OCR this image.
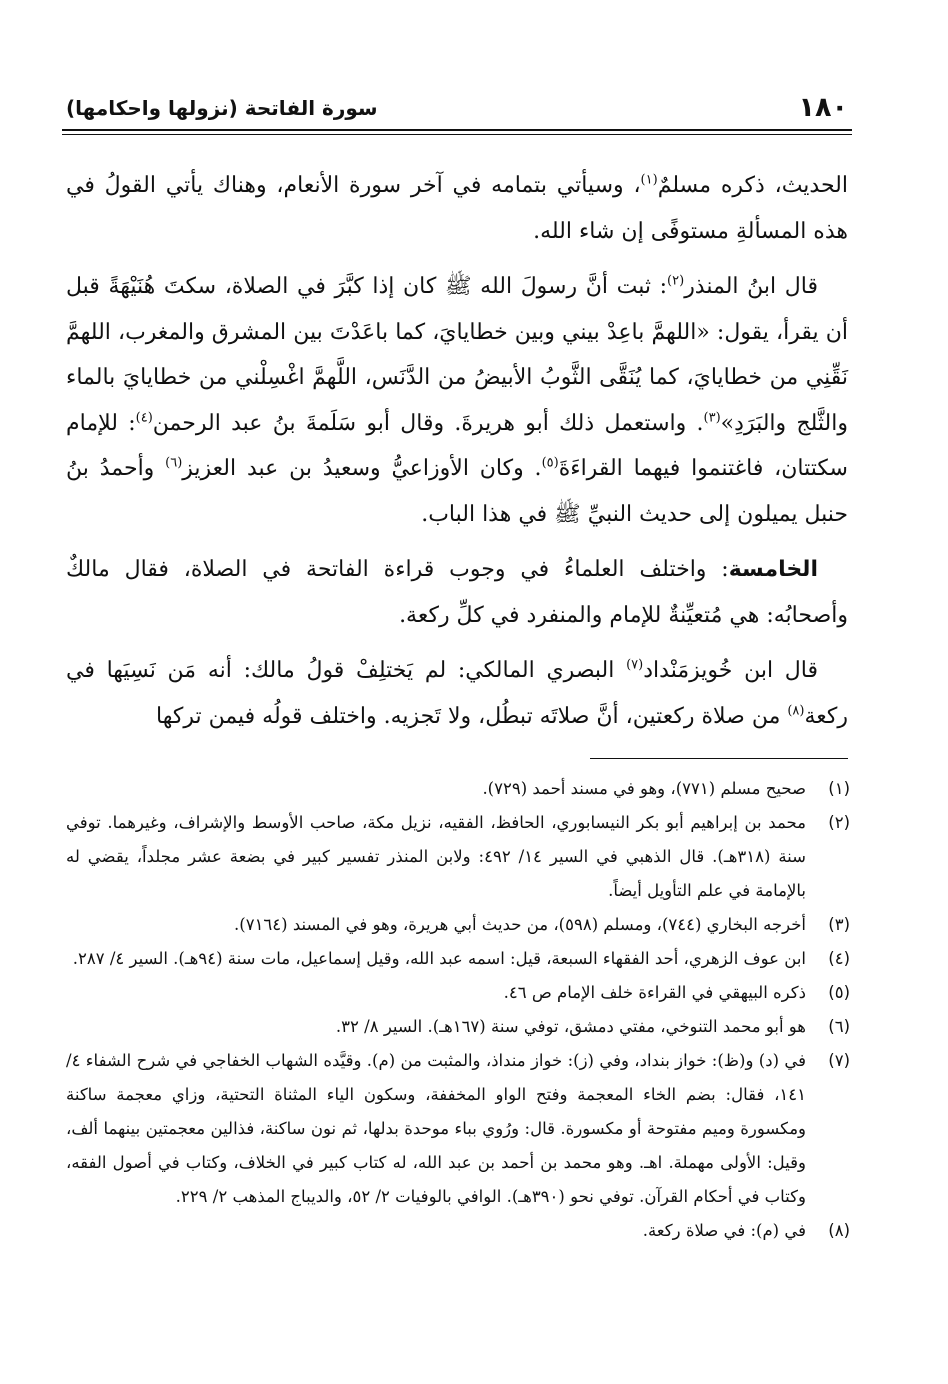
١٨٠
سورة الفاتحة (نزولها واحكامها)

الحديث، ذكره مسلمٌ$^{(١)}$، وسيأتي بتمامه في آخر سورة الأنعام، وهناك يأتي القولُ في هذه المسألةِ مستوفًى إن شاء الله.

قال ابنُ المنذر$^{(٢)}$: ثبت أنَّ رسولَ الله ﷺ كان إذا كبَّرَ في الصلاة، سكتَ هُنَيْهَةً قبل أن يقرأ، يقول: «اللهمَّ باعِدْ بيني وبين خطايايَ، كما باعَدْتَ بين المشرق والمغرب، اللهمَّ نَقِّنِي من خطايايَ، كما يُنَقَّى الثَّوبُ الأبيضُ من الدَّنَس، اللَّهمَّ اغْسِلْني من خطايايَ بالماء والثَّلج والبَرَدِ»$^{(٣)}$. واستعمل ذلك أبو هريرةَ. وقال أبو سَلَمةَ بنُ عبد الرحمن$^{(٤)}$: للإمام سكتتان، فاغتنموا فيهما القراءَةَ$^{(٥)}$. وكان الأوزاعيُّ وسعيدُ بن عبد العزيز$^{(٦)}$ وأحمدُ بنُ حنبل يميلون إلى حديث النبيِّ ﷺ في هذا الباب.

الخامسة: واختلف العلماءُ في وجوب قراءة الفاتحة في الصلاة، فقال مالكٌ وأصحابُه: هي مُتعيِّنةٌ للإمام والمنفرد في كلِّ ركعة.

قال ابن خُويزمَنْداد$^{(٧)}$ البصري المالكي: لم يَختلِفْ قولُ مالك: أنه مَن نَسِيَها في ركعة$^{(٨)}$ من صلاة ركعتين، أنَّ صلاتَه تبطُل، ولا تَجزيه. واختلف قولُه فيمن تركها

(١)
صحيح مسلم (٧٧١)، وهو في مسند أحمد (٧٢٩).

(٢)
محمد بن إبراهيم أبو بكر النيسابوري، الحافظ، الفقيه، نزيل مكة، صاحب الأوسط والإشراف، وغيرهما. توفي سنة (٣١٨هـ). قال الذهبي في السير ١٤/ ٤٩٢: ولابن المنذر تفسير كبير في بضعة عشر مجلداً، يقضي له بالإمامة في علم التأويل أيضاً.

(٣)
أخرجه البخاري (٧٤٤)، ومسلم (٥٩٨)، من حديث أبي هريرة، وهو في المسند (٧١٦٤).

(٤)
ابن عوف الزهري، أحد الفقهاء السبعة، قيل: اسمه عبد الله، وقيل إسماعيل، مات سنة (٩٤هـ). السير ٤/ ٢٨٧.

(٥)
ذكره البيهقي في القراءة خلف الإمام ص ٤٦.

(٦)
هو أبو محمد التنوخي، مفتي دمشق، توفي سنة (١٦٧هـ). السير ٨/ ٣٢.

(٧)
في (د) و(ظ): خواز بنداد، وفي (ز): خواز منداذ، والمثبت من (م). وقيَّده الشهاب الخفاجي في شرح الشفاء ٤/ ١٤١، فقال: بضم الخاء المعجمة وفتح الواو المخففة، وسكون الياء المثناة التحتية، وزاي معجمة ساكنة ومكسورة وميم مفتوحة أو مكسورة. قال: ورُوي بباء موحدة بدلها، ثم نون ساكنة، فذالين معجمتين بينهما ألف، وقيل: الأولى مهملة. اهـ. وهو محمد بن أحمد بن عبد الله، له كتاب كبير في الخلاف، وكتاب في أصول الفقه، وكتاب في أحكام القرآن. توفي نحو (٣٩٠هـ). الوافي بالوفيات ٢/ ٥٢، والديباج المذهب ٢/ ٢٢٩.

(٨)
في (م): في صلاة ركعة.
